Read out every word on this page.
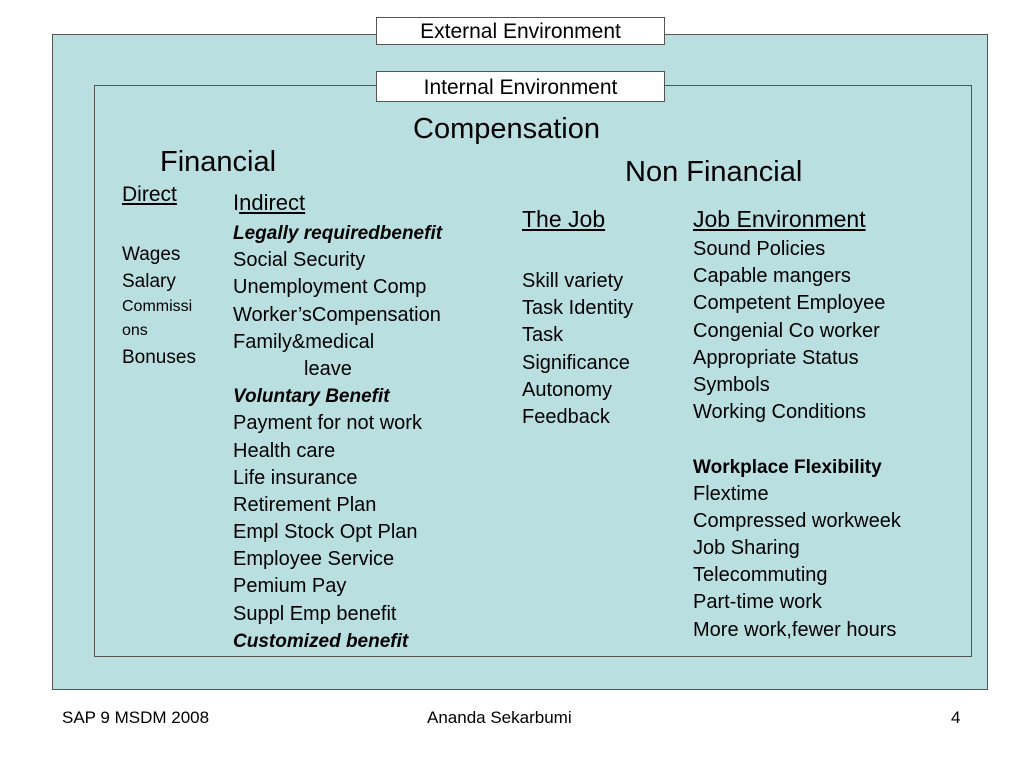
External Environment
Internal Environment
Compensation
Financial	Non Financial
Direct
Wages
Salary
Commissi
ons
Bonuses
Indirect
Legally requiredbenefit
Social Security
Unemployment Comp
Worker’sCompensation
Family&medical
leave
Voluntary Benefit
Payment for not work
Health care
Life insurance
Retirement Plan
Empl Stock Opt Plan
Employee Service
Pemium Pay
Suppl Emp benefit
Customized benefit
The Job
Skill variety
Task Identity
Task
Significance
Autonomy
Feedback
Job Environment
Sound Policies
Capable mangers
Competent Employee
Congenial Co worker
Appropriate Status
Symbols
Working Conditions
Workplace Flexibility
Flextime
Compressed workweek
Job Sharing
Telecommuting
Part-time work
More work,fewer hours
SAP 9 MSDM 2008	Ananda Sekarbumi	4
